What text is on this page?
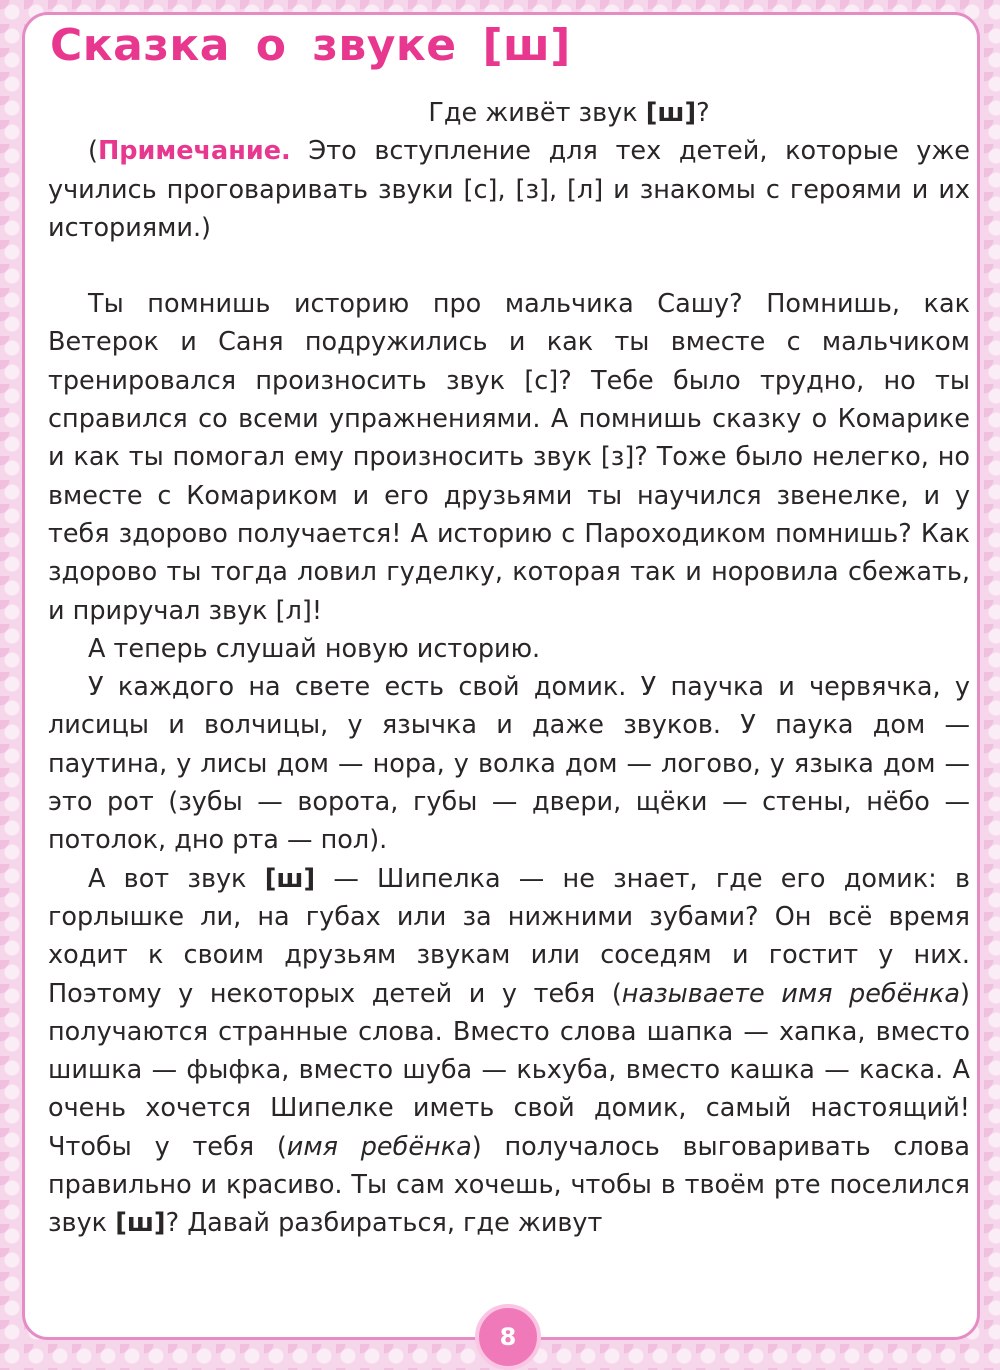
Сказка о звуке [ш]

Где живёт звук [ш]?

(Примечание. Это вступление для тех детей, которые уже учились проговаривать звуки [с], [з], [л] и знакомы с героями и их историями.)

Ты помнишь историю про мальчика Сашу? Помнишь, как Ветерок и Саня подружились и как ты вместе с мальчиком тренировался произносить звук [с]? Тебе было трудно, но ты справился со всеми упражнениями. А помнишь сказку о Комарике и как ты помогал ему произносить звук [з]? Тоже было нелегко, но вместе с Комариком и его друзьями ты научился звенелке, и у тебя здорово получается! А историю с Пароходиком помнишь? Как здорово ты тогда ловил гуделку, которая так и норовила сбежать, и приручал звук [л]!

А теперь слушай новую историю.

У каждого на свете есть свой домик. У паучка и червячка, у лисицы и волчицы, у язычка и даже звуков. У паука дом — паутина, у лисы дом — нора, у волка дом — логово, у языка дом — это рот (зубы — ворота, губы — двери, щёки — стены, нёбо — потолок, дно рта — пол).

А вот звук [ш] — Шипелка — не знает, где его домик: в горлышке ли, на губах или за нижними зубами? Он всё время ходит к своим друзьям звукам или соседям и гостит у них. Поэтому у некоторых детей и у тебя (называете имя ребёнка) получаются странные слова. Вместо слова шапка — хапка, вместо шишка — фыфка, вместо шуба — кьхуба, вместо кашка — каска. А очень хочется Шипелке иметь свой домик, самый настоящий! Чтобы у тебя (имя ребёнка) получалось выговаривать слова правильно и красиво. Ты сам хочешь, чтобы в твоём рте поселился звук [ш]? Давай разбираться, где живут

8
